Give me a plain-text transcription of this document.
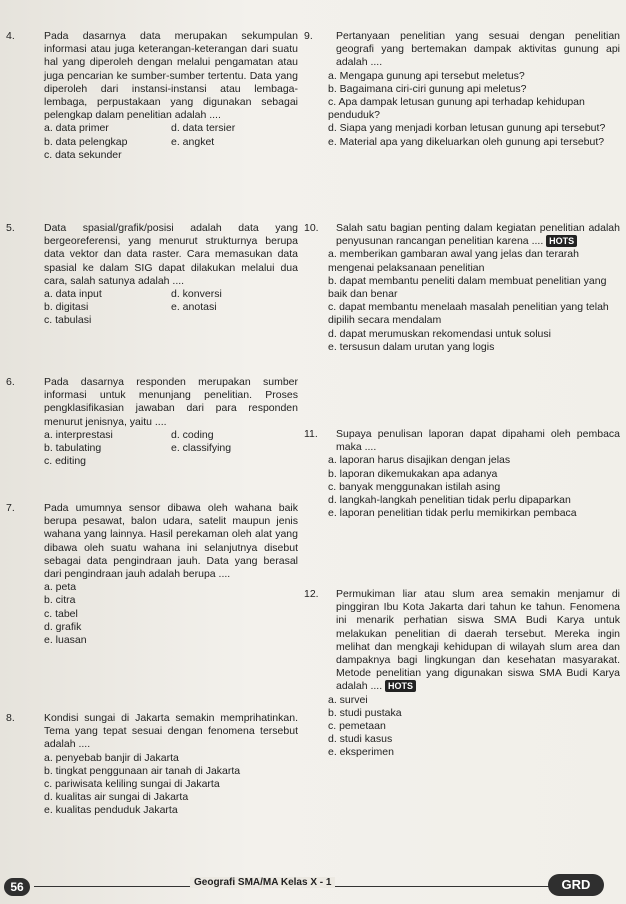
4.	Pada dasarnya data merupakan sekumpulan informasi atau juga keterangan-keterangan dari suatu hal yang diperoleh dengan melalui pengamatan atau juga pencarian ke sumber-sumber tertentu. Data yang diperoleh dari instansi-instansi atau lembaga-lembaga, perpustakaan yang digunakan sebagai pelengkap dalam penelitian adalah ....
a. data primer	d. data tersier
b. data pelengkap	e. angket
c. data sekunder
5.	Data spasial/grafik/posisi adalah data yang bergeoreferensi, yang menurut strukturnya berupa data vektor dan data raster. Cara memasukan data spasial ke dalam SIG dapat dilakukan melalui dua cara, salah satunya adalah ....
a. data input	d. konversi
b. digitasi	e. anotasi
c. tabulasi
6.	Pada dasarnya responden merupakan sumber informasi untuk menunjang penelitian. Proses pengklasifikasian jawaban dari para responden menurut jenisnya, yaitu ....
a. interprestasi	d. coding
b. tabulating	e. classifying
c. editing
7.	Pada umumnya sensor dibawa oleh wahana baik berupa pesawat, balon udara, satelit maupun jenis wahana yang lainnya. Hasil perekaman oleh alat yang dibawa oleh suatu wahana ini selanjutnya disebut sebagai data pengindraan jauh. Data yang berasal dari pengindraan jauh adalah berupa ....
a. peta
b. citra
c. tabel
d. grafik
e. luasan
8.	Kondisi sungai di Jakarta semakin memprihatinkan. Tema yang tepat sesuai dengan fenomena tersebut adalah ....
a. penyebab banjir di Jakarta
b. tingkat penggunaan air tanah di Jakarta
c. pariwisata keliling sungai di Jakarta
d. kualitas air sungai di Jakarta
e. kualitas penduduk Jakarta
9. Pertanyaan penelitian yang sesuai dengan penelitian geografi yang bertemakan dampak aktivitas gunung api adalah ....
a. Mengapa gunung api tersebut meletus?
b. Bagaimana ciri-ciri gunung api meletus?
c. Apa dampak letusan gunung api terhadap kehidupan penduduk?
d. Siapa yang menjadi korban letusan gunung api tersebut?
e. Material apa yang dikeluarkan oleh gunung api tersebut?
10. Salah satu bagian penting dalam kegiatan penelitian adalah penyusunan rancangan penelitian karena .... HOTS
a. memberikan gambaran awal yang jelas dan terarah mengenai pelaksanaan penelitian
b. dapat membantu peneliti dalam membuat penelitian yang baik dan benar
c. dapat membantu menelaah masalah penelitian yang telah dipilih secara mendalam
d. dapat merumuskan rekomendasi untuk solusi
e. tersusun dalam urutan yang logis
11. Supaya penulisan laporan dapat dipahami oleh pembaca maka ....
a. laporan harus disajikan dengan jelas
b. laporan dikemukakan apa adanya
c. banyak menggunakan istilah asing
d. langkah-langkah penelitian tidak perlu dipaparkan
e. laporan penelitian tidak perlu memikirkan pembaca
12. Permukiman liar atau slum area semakin menjamur di pinggiran Ibu Kota Jakarta dari tahun ke tahun. Fenomena ini menarik perhatian siswa SMA Budi Karya untuk melakukan penelitian di daerah tersebut. Mereka ingin melihat dan mengkaji kehidupan di wilayah slum area dan dampaknya bagi lingkungan dan kesehatan masyarakat. Metode penelitian yang digunakan siswa SMA Budi Karya adalah .... HOTS
a. survei
b. studi pustaka
c. pemetaan
d. studi kasus
e. eksperimen
56	Geografi SMA/MA Kelas X - 1	GRD
